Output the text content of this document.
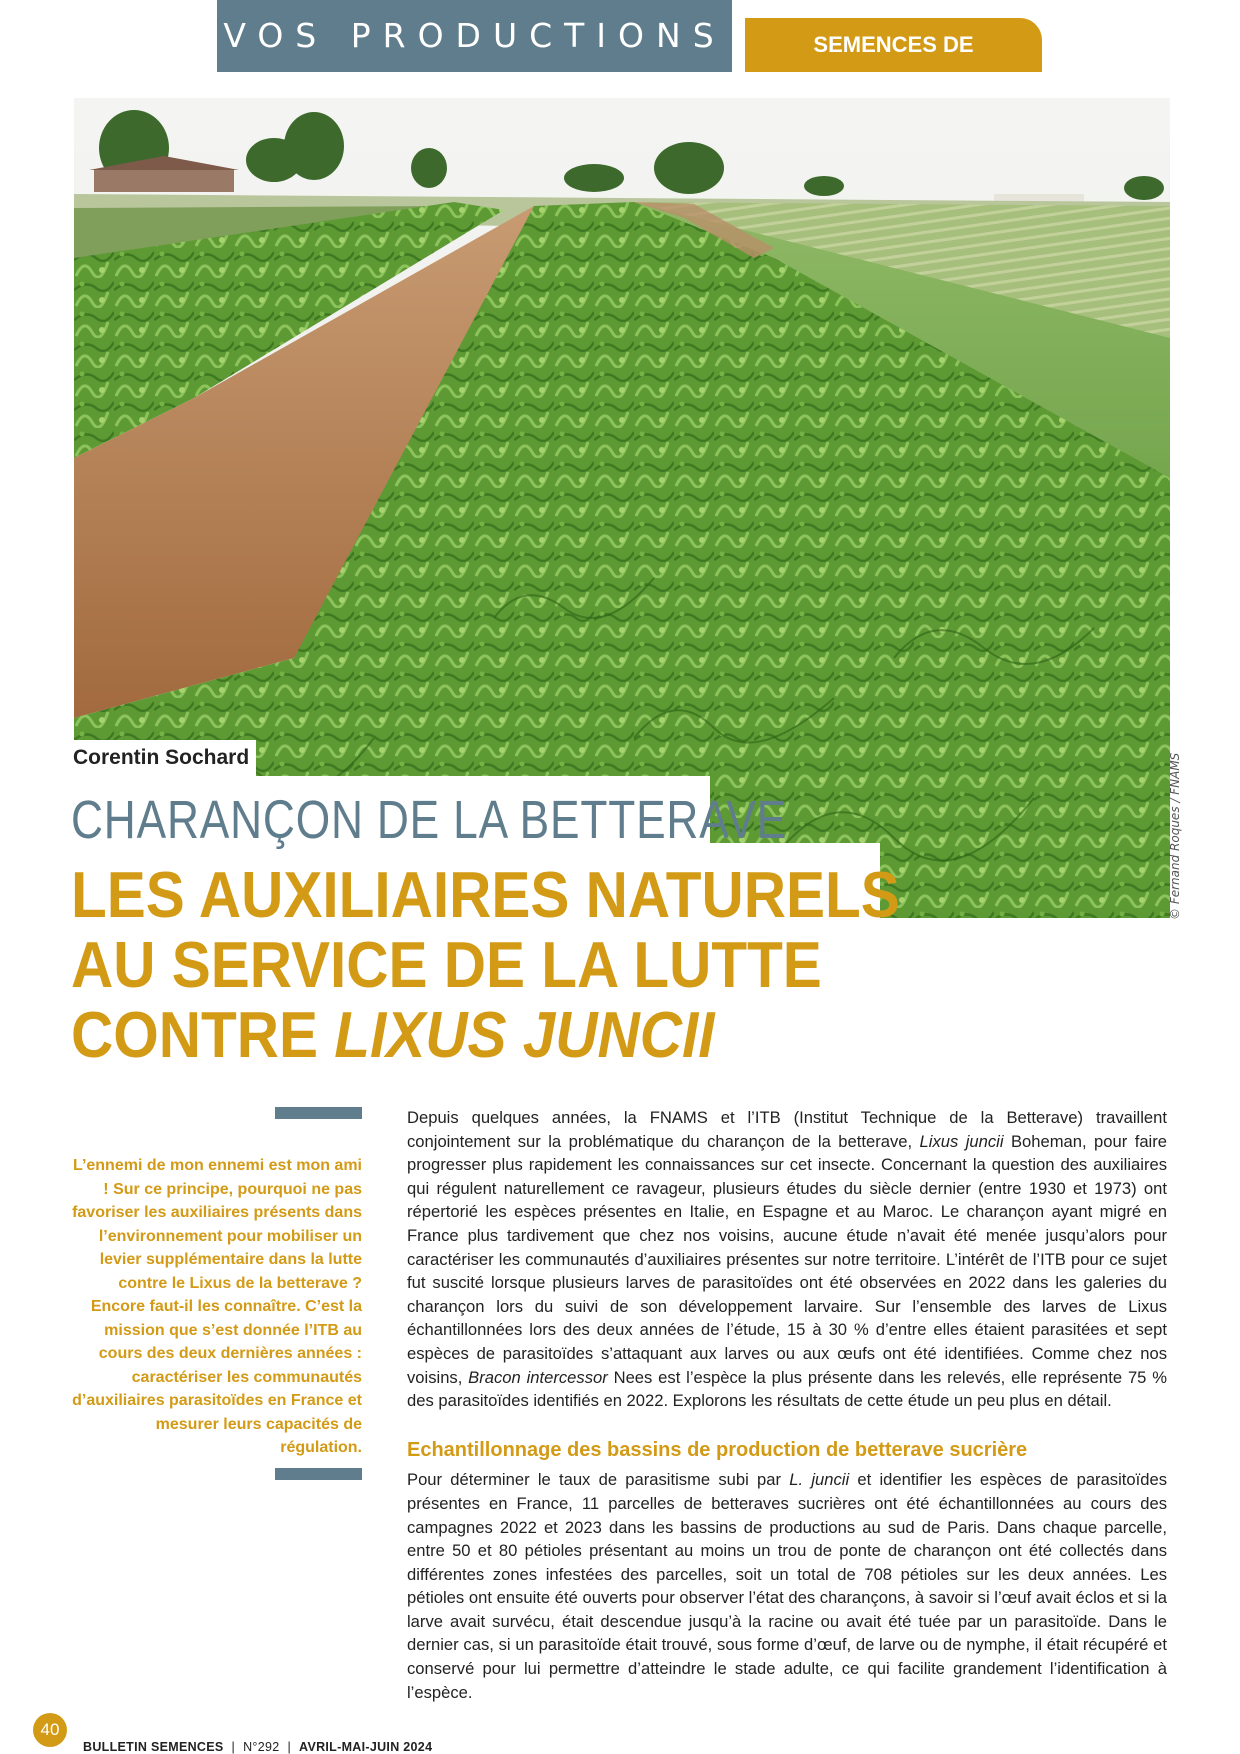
VOS PRODUCTIONS	SEMENCES DE
© Fernand Roques / FNAMS
Corentin Sochard
CHARANÇON DE LA BETTERAVE
LES AUXILIAIRES NATURELS
AU SERVICE DE LA LUTTE
CONTRE LIXUS JUNCII
L’ennemi de mon ennemi est mon ami ! Sur ce principe, pourquoi ne pas favoriser les auxiliaires présents dans l’environnement pour mobiliser un levier supplémentaire dans la lutte contre le Lixus de la betterave ? Encore faut-il les connaître. C’est la mission que s’est donnée l’ITB au cours des deux dernières années : caractériser les communautés d’auxiliaires parasitoïdes en France et mesurer leurs capacités de régulation.

Depuis quelques années, la FNAMS et l’ITB (Institut Technique de la Betterave) travaillent conjointement sur la problématique du charançon de la betterave, Lixus juncii Boheman, pour faire progresser plus rapidement les connaissances sur cet insecte. Concernant la question des auxiliaires qui régulent naturellement ce ravageur, plusieurs études du siècle dernier (entre 1930 et 1973) ont répertorié les espèces présentes en Italie, en Espagne et au Maroc. Le charançon ayant migré en France plus tardivement que chez nos voisins, aucune étude n’avait été menée jusqu’alors pour caractériser les communautés d’auxiliaires présentes sur notre territoire. L’intérêt de l’ITB pour ce sujet fut suscité lorsque plusieurs larves de parasitoïdes ont été observées en 2022 dans les galeries du charançon lors du suivi de son développement larvaire. Sur l’ensemble des larves de Lixus échantillonnées lors des deux années de l’étude, 15 à 30 % d’entre elles étaient parasitées et sept espèces de parasitoïdes s’attaquant aux larves ou aux œufs ont été identifiées. Comme chez nos voisins, Bracon intercessor Nees est l’espèce la plus présente dans les relevés, elle représente 75 % des parasitoïdes identifiés en 2022. Explorons les résultats de cette étude un peu plus en détail.

Echantillonnage des bassins de production de betterave sucrière

Pour déterminer le taux de parasitisme subi par L. juncii et identifier les espèces de parasitoïdes présentes en France, 11 parcelles de betteraves sucrières ont été échantillonnées au cours des campagnes 2022 et 2023 dans les bassins de productions au sud de Paris. Dans chaque parcelle, entre 50 et 80 pétioles présentant au moins un trou de ponte de charançon ont été collectés dans différentes zones infestées des parcelles, soit un total de 708 pétioles sur les deux années. Les pétioles ont ensuite été ouverts pour observer l’état des charançons, à savoir si l’œuf avait éclos et si la larve avait survécu, était descendue jusqu’à la racine ou avait été tuée par un parasitoïde. Dans le dernier cas, si un parasitoïde était trouvé, sous forme d’œuf, de larve ou de nymphe, il était récupéré et conservé pour lui permettre d’atteindre le stade adulte, ce qui facilite grandement l’identification à l’espèce.

40
BULLETIN SEMENCES | N°292 | AVRIL-MAI-JUIN 2024
